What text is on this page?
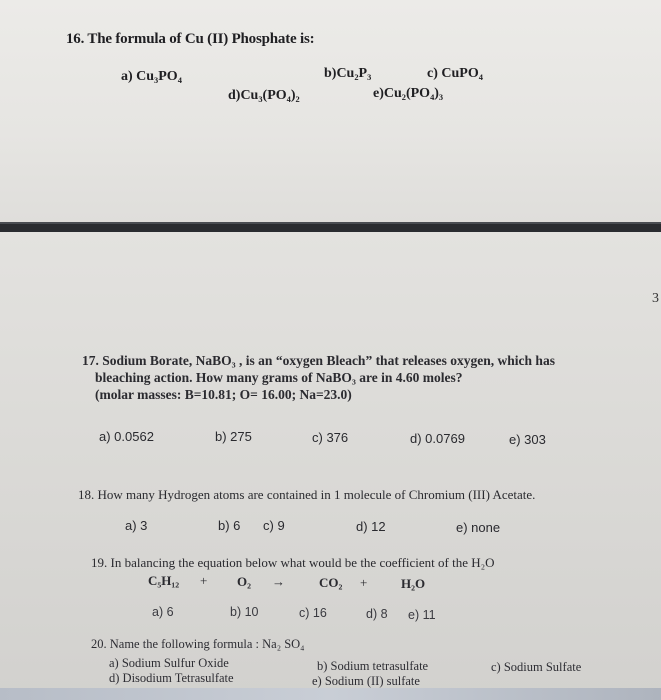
16. The formula of Cu (II) Phosphate is:
a) Cu₃PO₄	b)Cu₂P₃	c) CuPO₄
d)Cu₃(PO₄)₂	e)Cu₂(PO₄)₃
3
17. Sodium Borate, NaBO₃ , is an “oxygen Bleach” that releases oxygen, which has
bleaching action. How many grams of NaBO₃ are in 4.60 moles?
(molar masses: B=10.81; O= 16.00; Na=23.0)
a) 0.0562	b) 275	c) 376	d) 0.0769	e) 303
18. How many Hydrogen atoms are contained in 1 molecule of Chromium (III) Acetate.
a) 3	b) 6 c) 9	d) 12	e) none
19. In balancing the equation below what would be the coefficient of the H₂O
C₅H₁₂ + O₂ →	CO₂ +	H₂O
a) 6	b) 10	c) 16	d) 8 e) 11
20. Name the following formula : Na₂ SO₄
a) Sodium Sulfur Oxide	b) Sodium tetrasulfate	c) Sodium Sulfate
d) Disodium Tetrasulfate	e) Sodium (II) sulfate
